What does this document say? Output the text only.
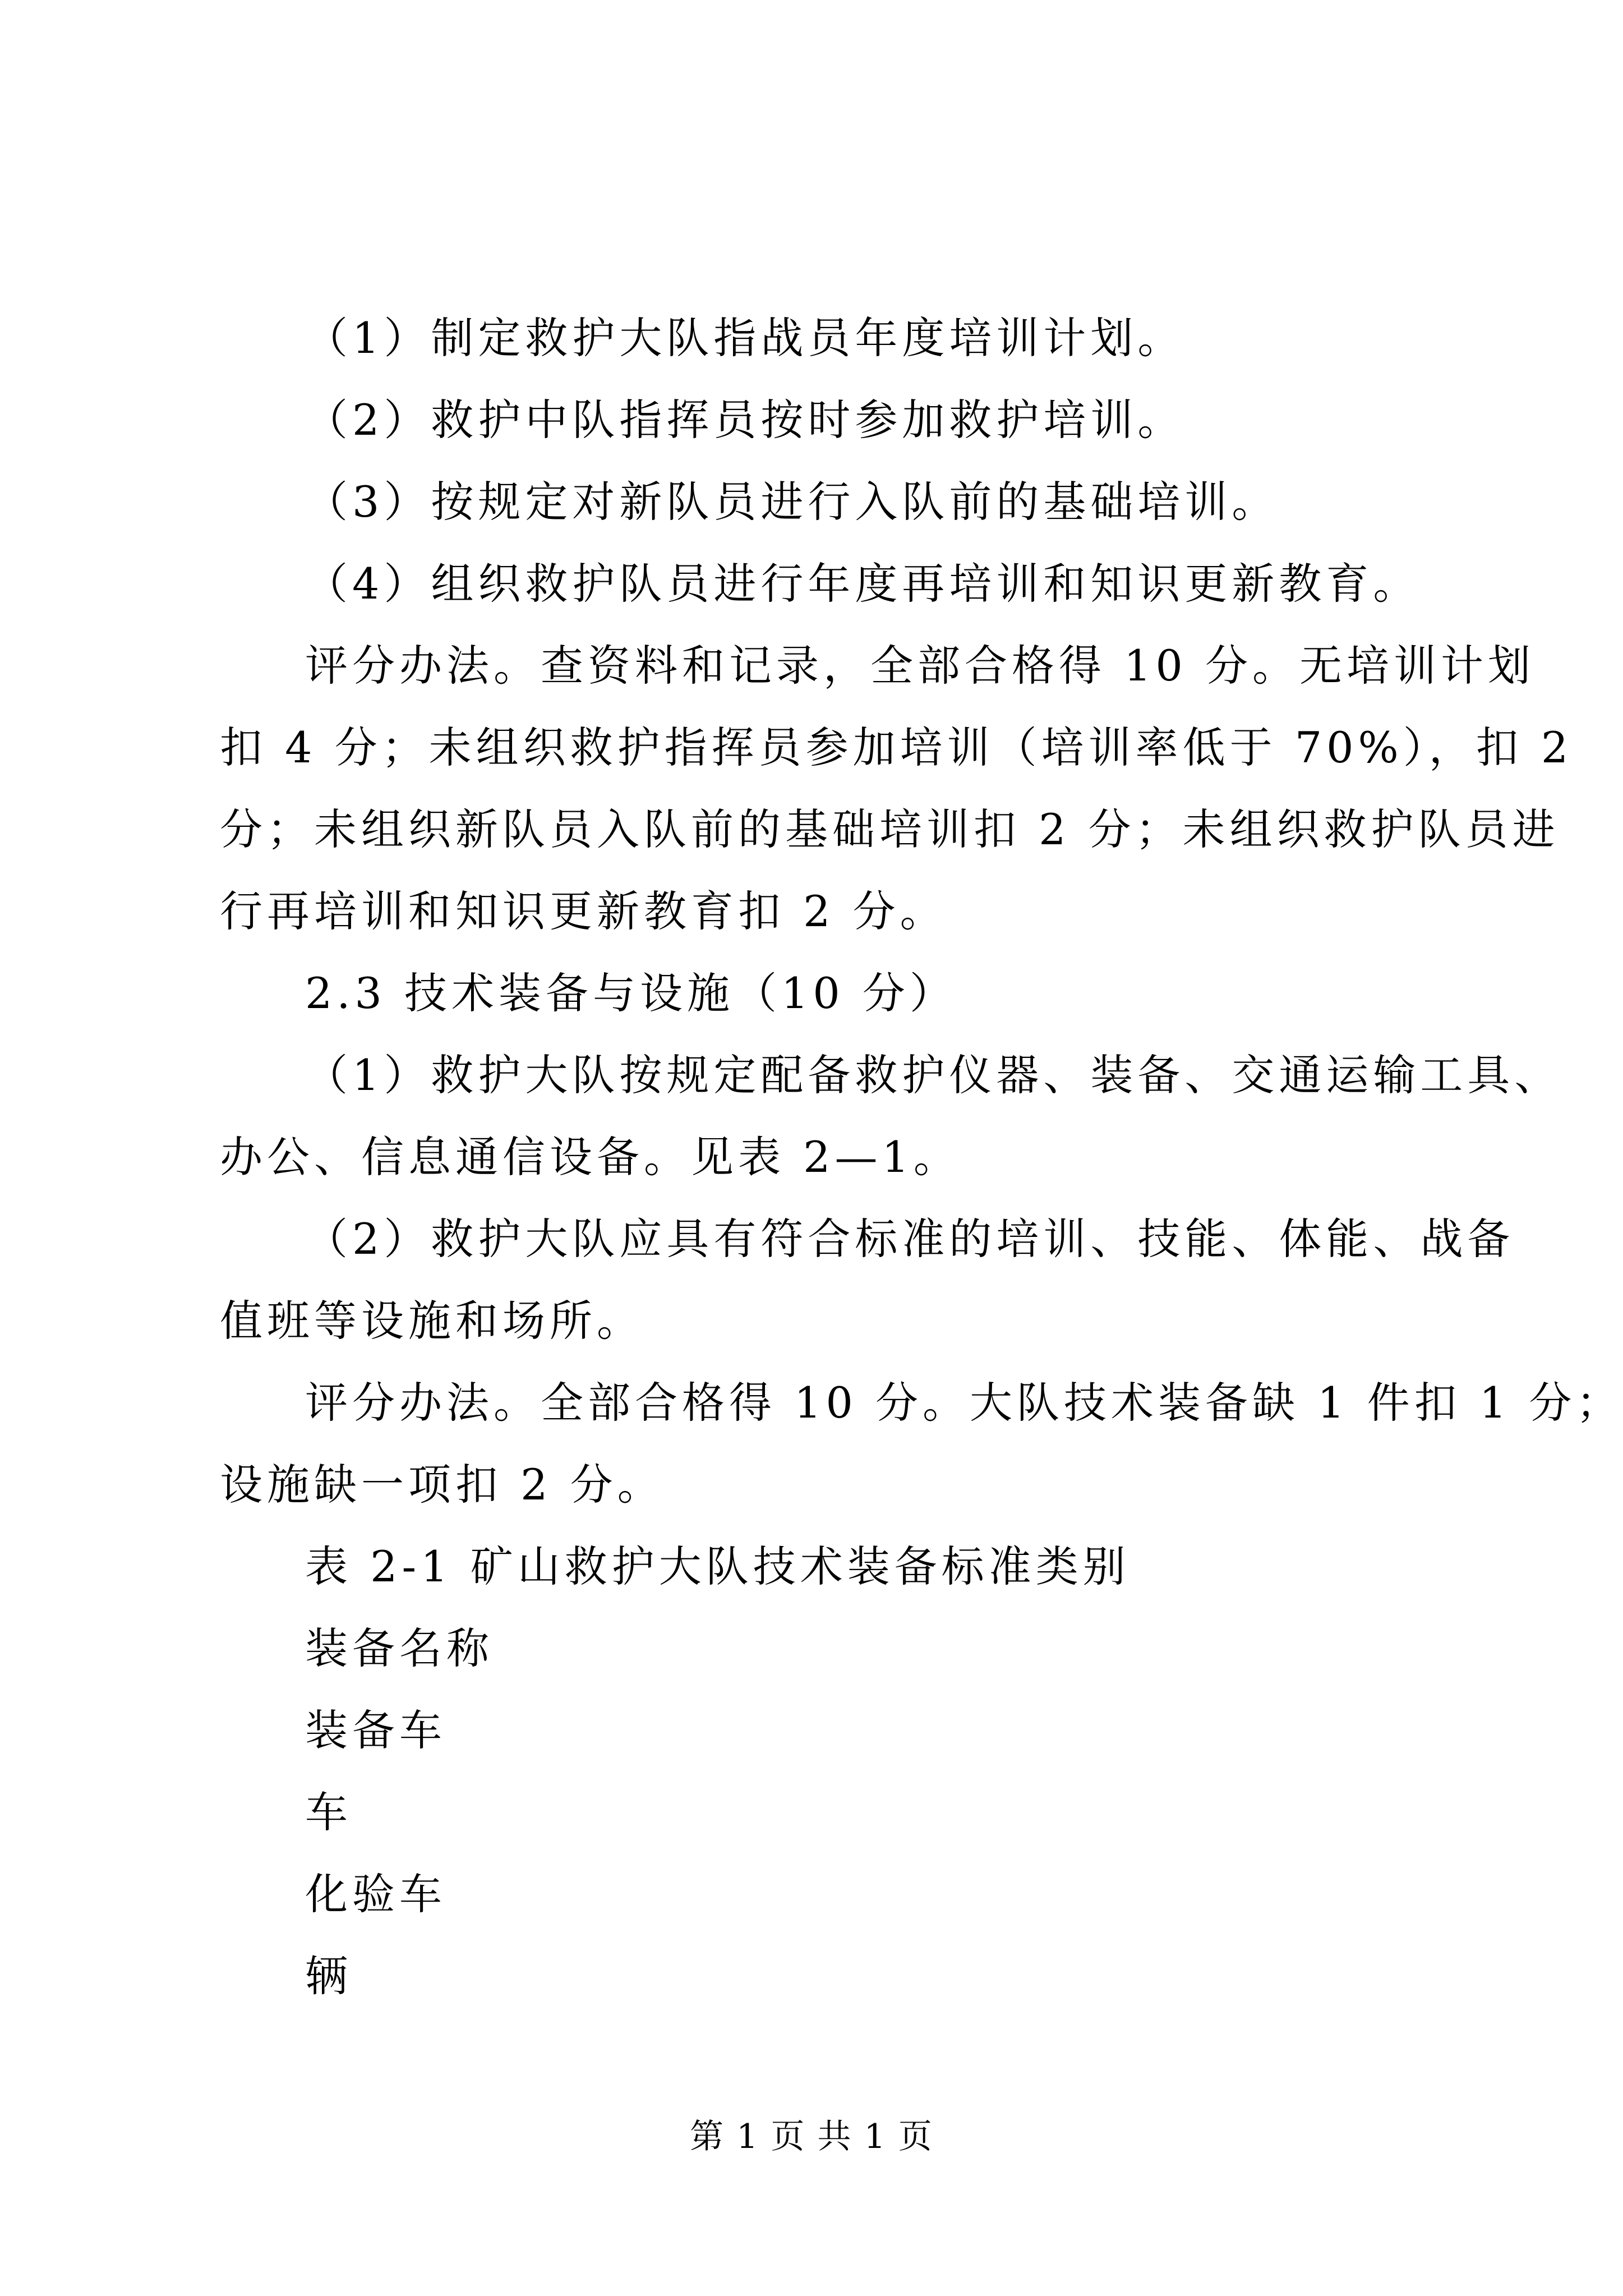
（1）制定救护大队指战员年度培训计划。
（2）救护中队指挥员按时参加救护培训。
（3）按规定对新队员进行入队前的基础培训。
（4）组织救护队员进行年度再培训和知识更新教育。
评分办法。查资料和记录，全部合格得 10 分。无培训计划
扣 4 分；未组织救护指挥员参加培训（培训率低于 70%），扣 2
分；未组织新队员入队前的基础培训扣 2 分；未组织救护队员进
行再培训和知识更新教育扣 2 分。
2.3 技术装备与设施（10 分）
（1）救护大队按规定配备救护仪器、装备、交通运输工具、
办公、信息通信设备。见表 2—1。
（2）救护大队应具有符合标准的培训、技能、体能、战备
值班等设施和场所。
评分办法。全部合格得 10 分。大队技术装备缺 1 件扣 1 分；
设施缺一项扣 2 分。
表 2-1 矿山救护大队技术装备标准类别
装备名称
装备车
车
化验车
辆
第 1 页 共 1 页
